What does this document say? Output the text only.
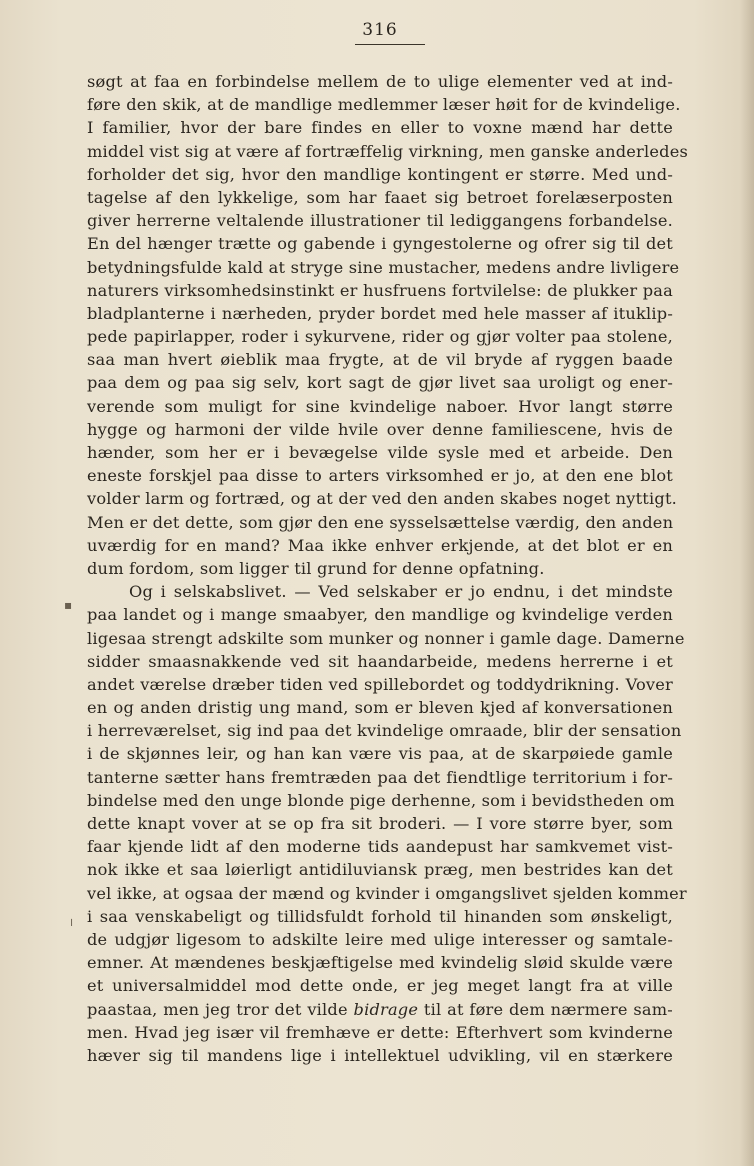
316
▪
╷
søgt at faa en forbindelse mellem de to ulige elementer ved at ind-
føre den skik, at de mandlige medlemmer læser høit for de kvindelige.
I familier, hvor der bare findes en eller to voxne mænd har dette
middel vist sig at være af fortræffelig virkning, men ganske anderledes
forholder det sig, hvor den mandlige kontingent er større. Med und-
tagelse af den lykkelige, som har faaet sig betroet forelæserposten
giver herrerne veltalende illustrationer til lediggangens forbandelse.
En del hænger trætte og gabende i gyngestolerne og ofrer sig til det
betydningsfulde kald at stryge sine mustacher, medens andre livligere
naturers virksomhedsinstinkt er husfruens fortvilelse: de plukker paa
bladplanterne i nærheden, pryder bordet med hele masser af ituklip-
pede papirlapper, roder i sykurvene, rider og gjør volter paa stolene,
saa man hvert øieblik maa frygte, at de vil bryde af ryggen baade
paa dem og paa sig selv, kort sagt de gjør livet saa uroligt og ener-
verende som muligt for sine kvindelige naboer. Hvor langt større
hygge og harmoni der vilde hvile over denne familiescene, hvis de
hænder, som her er i bevægelse vilde sysle med et arbeide. Den
eneste forskjel paa disse to arters virksomhed er jo, at den ene blot
volder larm og fortræd, og at der ved den anden skabes noget nyttigt.
Men er det dette, som gjør den ene sysselsættelse værdig, den anden
uværdig for en mand? Maa ikke enhver erkjende, at det blot er en
dum fordom, som ligger til grund for denne opfatning.
Og i selskabslivet. — Ved selskaber er jo endnu, i det mindste
paa landet og i mange smaabyer, den mandlige og kvindelige verden
ligesaa strengt adskilte som munker og nonner i gamle dage. Damerne
sidder smaasnakkende ved sit haandarbeide, medens herrerne i et
andet værelse dræber tiden ved spillebordet og toddydrikning. Vover
en og anden dristig ung mand, som er bleven kjed af konversationen
i herreværelset, sig ind paa det kvindelige omraade, blir der sensation
i de skjønnes leir, og han kan være vis paa, at de skarpøiede gamle
tanterne sætter hans fremtræden paa det fiendtlige territorium i for-
bindelse med den unge blonde pige derhenne, som i bevidstheden om
dette knapt vover at se op fra sit broderi. — I vore større byer, som
faar kjende lidt af den moderne tids aandepust har samkvemet vist-
nok ikke et saa løierligt antidiluviansk præg, men bestrides kan det
vel ikke, at ogsaa der mænd og kvinder i omgangslivet sjelden kommer
i saa venskabeligt og tillidsfuldt forhold til hinanden som ønskeligt,
de udgjør ligesom to adskilte leire med ulige interesser og samtale-
emner. At mændenes beskjæftigelse med kvindelig sløid skulde være
et universalmiddel mod dette onde, er jeg meget langt fra at ville
paastaa, men jeg tror det vilde bidrage til at føre dem nærmere sam-
men. Hvad jeg især vil fremhæve er dette: Efterhvert som kvinderne
hæver sig til mandens lige i intellektuel udvikling, vil en stærkere
